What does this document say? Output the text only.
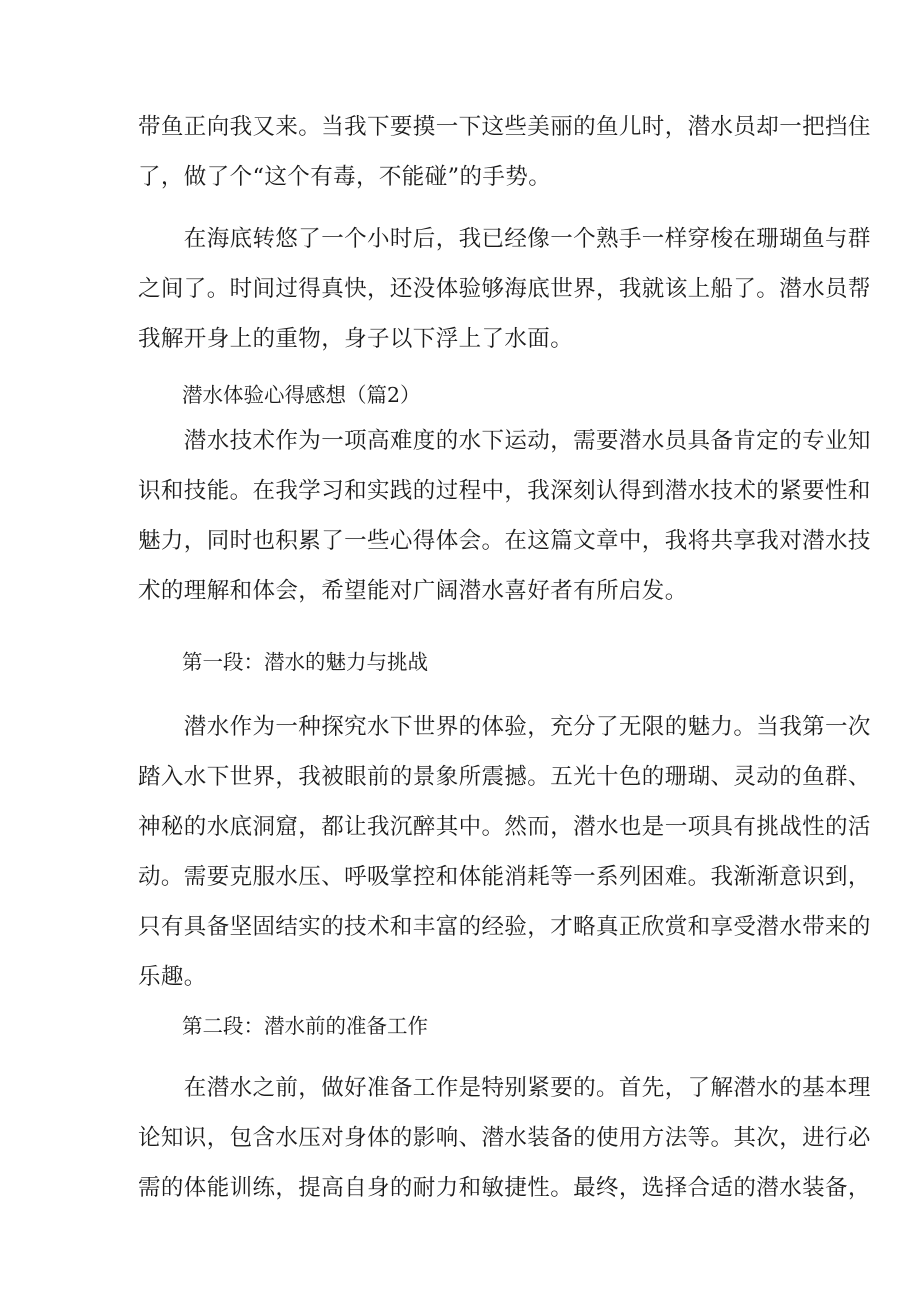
带鱼正向我又来。当我下要摸一下这些美丽的鱼儿时，潜水员却一把挡住
了，做了个“这个有毒，不能碰”的手势。
　　在海底转悠了一个小时后，我已经像一个熟手一样穿梭在珊瑚鱼与群
之间了。时间过得真快，还没体验够海底世界，我就该上船了。潜水员帮
我解开身上的重物，身子以下浮上了水面。
潜水体验心得感想（篇2）
　　潜水技术作为一项高难度的水下运动，需要潜水员具备肯定的专业知
识和技能。在我学习和实践的过程中，我深刻认得到潜水技术的紧要性和
魅力，同时也积累了一些心得体会。在这篇文章中，我将共享我对潜水技
术的理解和体会，希望能对广阔潜水喜好者有所启发。
第一段：潜水的魅力与挑战
　　潜水作为一种探究水下世界的体验，充分了无限的魅力。当我第一次
踏入水下世界，我被眼前的景象所震撼。五光十色的珊瑚、灵动的鱼群、
神秘的水底洞窟，都让我沉醉其中。然而，潜水也是一项具有挑战性的活
动。需要克服水压、呼吸掌控和体能消耗等一系列困难。我渐渐意识到，
只有具备坚固结实的技术和丰富的经验，才略真正欣赏和享受潜水带来的
乐趣。
第二段：潜水前的准备工作
　　在潜水之前，做好准备工作是特别紧要的。首先，了解潜水的基本理
论知识，包含水压对身体的影响、潜水装备的使用方法等。其次，进行必
需的体能训练，提高自身的耐力和敏捷性。最终，选择合适的潜水装备，
